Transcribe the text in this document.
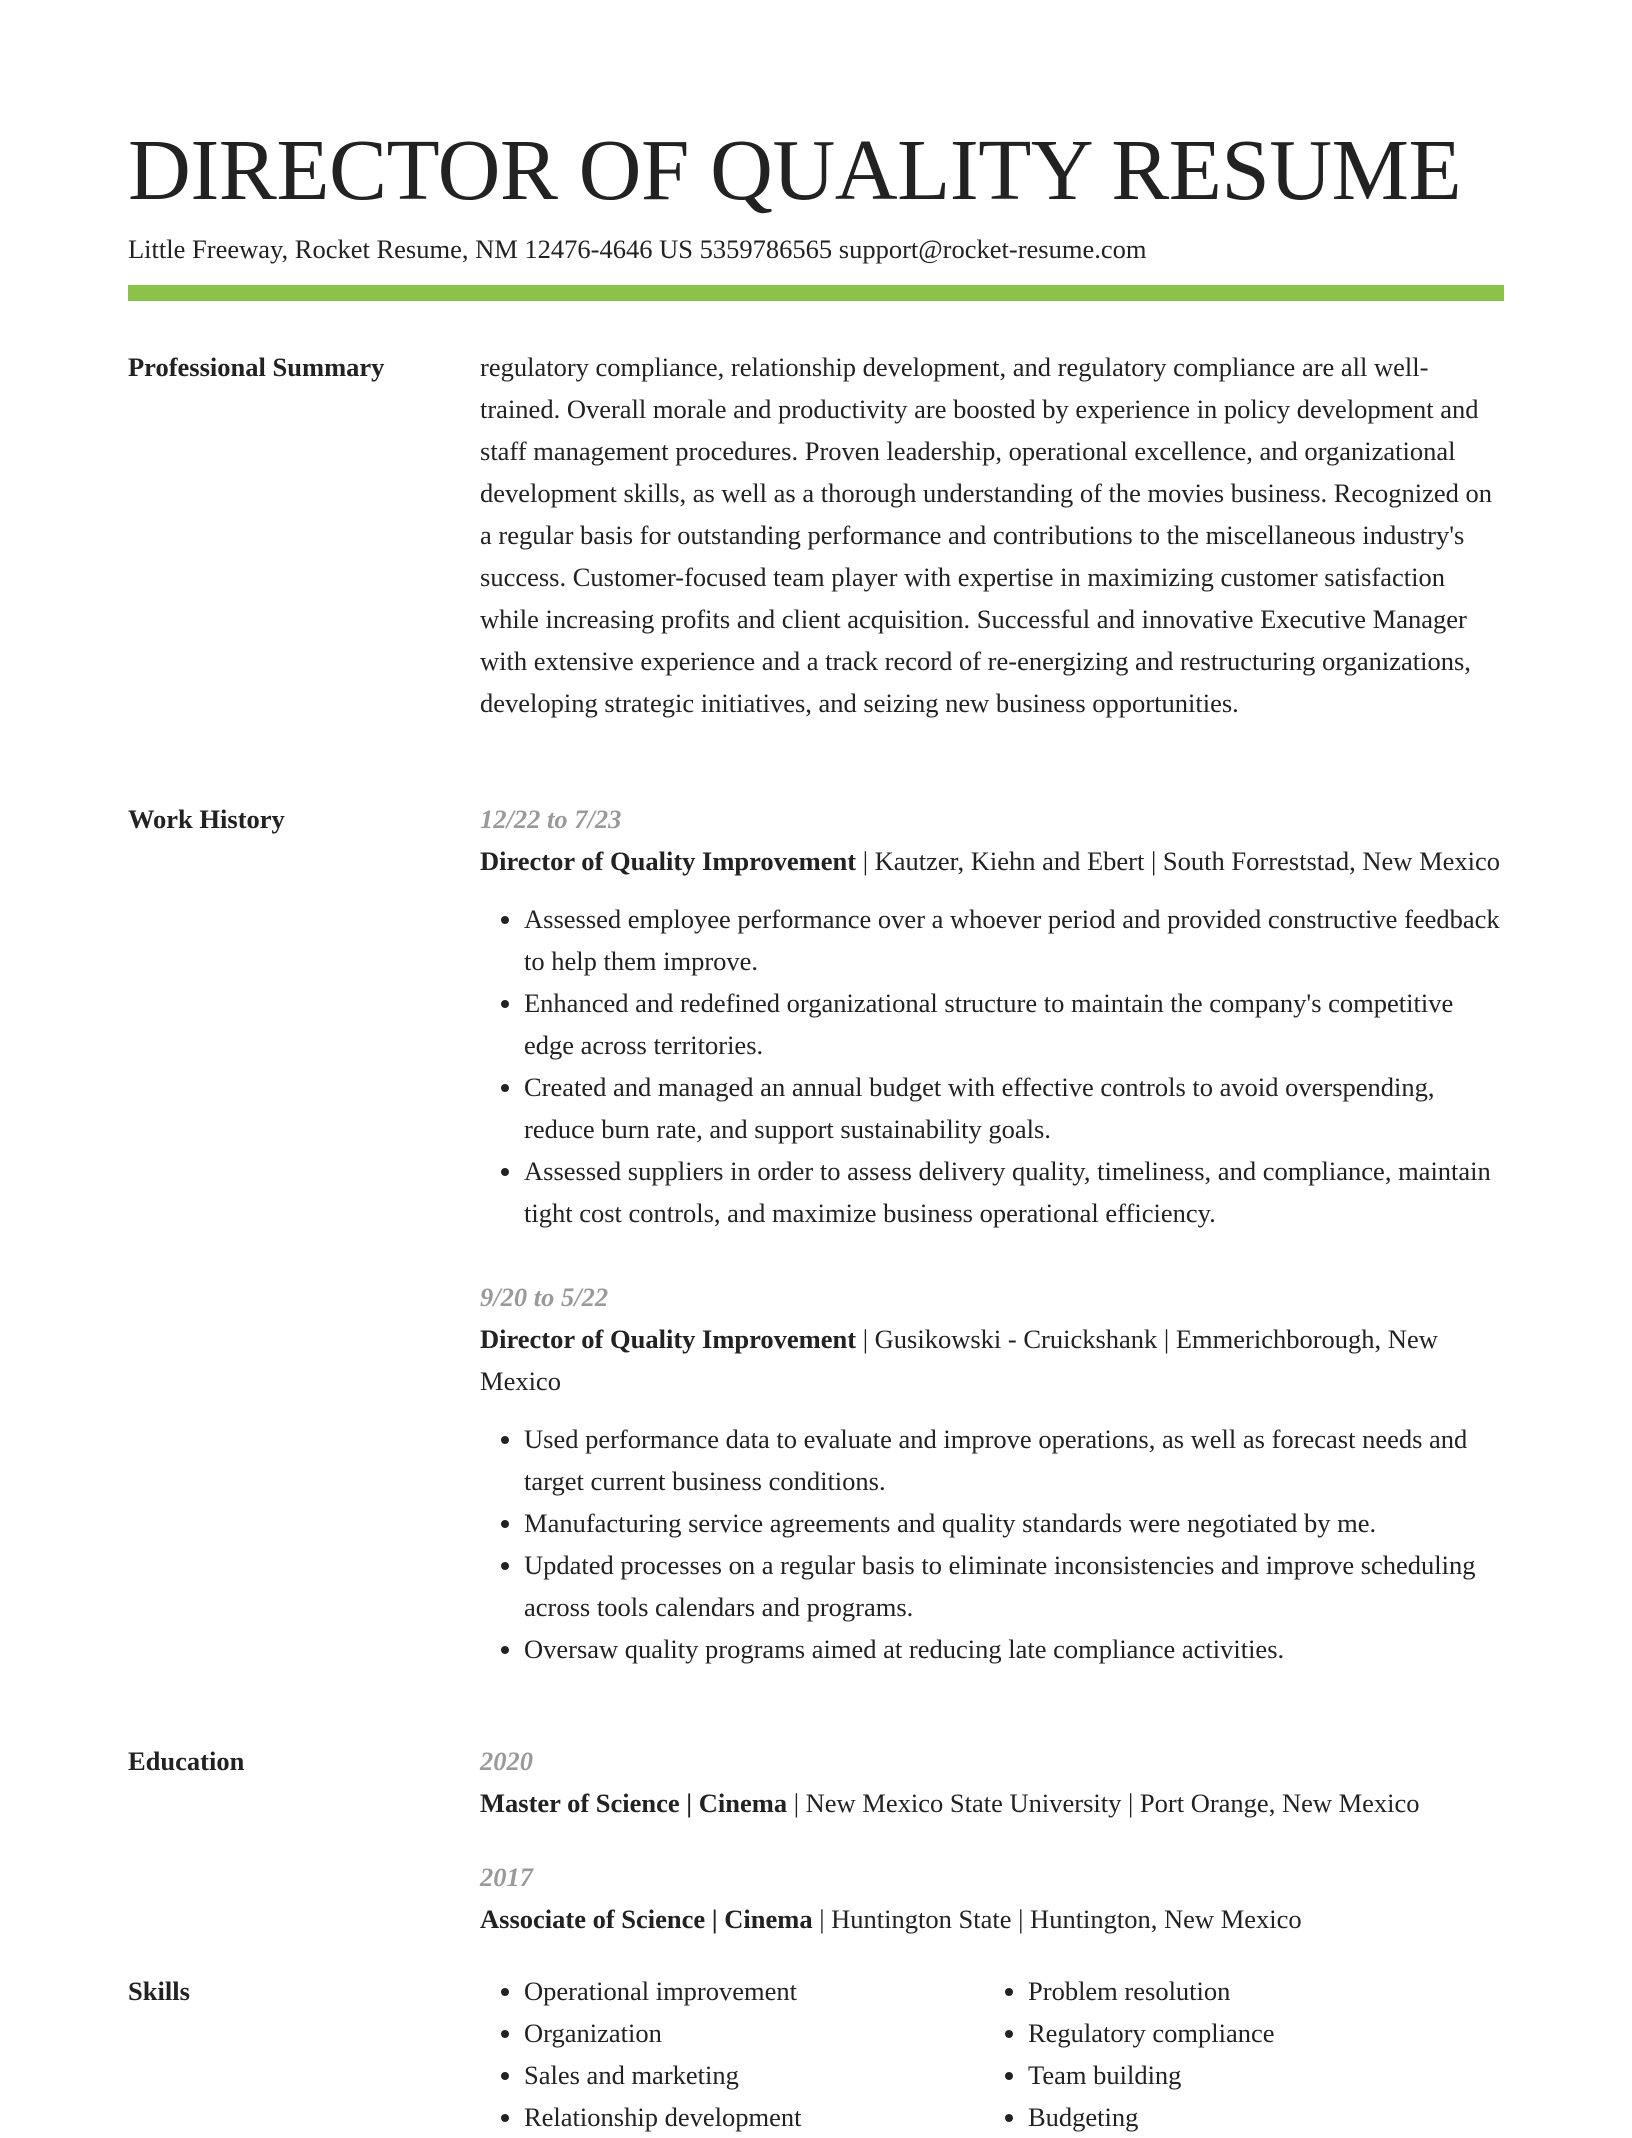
DIRECTOR OF QUALITY RESUME
Little Freeway, Rocket Resume, NM 12476-4646 US 5359786565 support@rocket-resume.com
Professional Summary	regulatory compliance, relationship development, and regulatory compliance are all well-trained. Overall morale and productivity are boosted by experience in policy development and staff management procedures. Proven leadership, operational excellence, and organizational development skills, as well as a thorough understanding of the movies business. Recognized on a regular basis for outstanding performance and contributions to the miscellaneous industry's success. Customer-focused team player with expertise in maximizing customer satisfaction while increasing profits and client acquisition. Successful and innovative Executive Manager with extensive experience and a track record of re-energizing and restructuring organizations, developing strategic initiatives, and seizing new business opportunities.

Work History	12/22 to 7/23
Director of Quality Improvement | Kautzer, Kiehn and Ebert | South Forreststad, New Mexico
• Assessed employee performance over a whoever period and provided constructive feedback to help them improve.
• Enhanced and redefined organizational structure to maintain the company's competitive edge across territories.
• Created and managed an annual budget with effective controls to avoid overspending, reduce burn rate, and support sustainability goals.
• Assessed suppliers in order to assess delivery quality, timeliness, and compliance, maintain tight cost controls, and maximize business operational efficiency.
9/20 to 5/22
Director of Quality Improvement | Gusikowski - Cruickshank | Emmerichborough, New Mexico
• Used performance data to evaluate and improve operations, as well as forecast needs and target current business conditions.
• Manufacturing service agreements and quality standards were negotiated by me.
• Updated processes on a regular basis to eliminate inconsistencies and improve scheduling across tools calendars and programs.
• Oversaw quality programs aimed at reducing late compliance activities.
Education	2020
Master of Science | Cinema | New Mexico State University | Port Orange, New Mexico
2017
Associate of Science | Cinema | Huntington State | Huntington, New Mexico
Skills
•	Operational improvement
• Organization
• Sales and marketing
• Relationship development
• Problem resolution
• Regulatory compliance
• Team building
• Budgeting
